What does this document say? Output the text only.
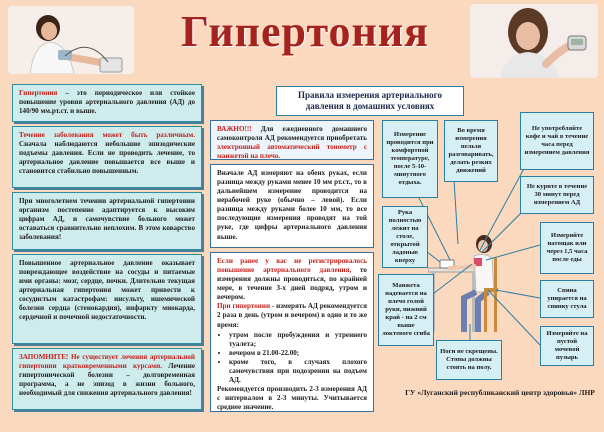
Гипертония
Гипертония – это периодическое или стойкое повышение уровня артериального давления (АД) до 140/90 мм.рт.ст. и выше.
Течение заболевания может быть различным. Сначала наблюдаются небольшие эпизодические подъемы давления. Если не проводить лечение, то артериальное давление повышается все выше и становится стабильно повышенным.
При многолетнем течении артериальной гипертонии организм постепенно адаптируется к высоким цифрам АД, и самочувствие больного может оставаться сравнительно неплохим. В этом коварство заболевания!
Повышенное артериальное давление оказывает повреждающее воздействие на сосуды и питаемые ими органы: мозг, сердце, почки. Длительно текущая артериальная гипертония может привести к сосудистым катастрофам: инсульту, ишемической болезни сердца (стенокардия), инфаркту миокарда, сердечной и почечной недостаточности.
ЗАПОМНИТЕ! Не существует лечения артериальной гипертонии кратковременными курсами. Лечение гипертонической болезни – долговременная программа, а не эпизод в жизни больного, необходимый для снижения артериального давления!
Правила измерения артериального давления в домашних условиях
ВАЖНО!!! Для ежедневного домашнего самоконтроля АД рекомендуется приобретать электронный автоматический тонометр с манжетой на плечо.
Вначале АД измеряют на обеих руках, если разница между руками менее 10 мм рт.ст., то в дальнейшем измерение проводится на нерабочей руке (обычно – левой). Если разница между руками более 10 мм, то все последующие измерения проводят на той руке, где цифры артериального давления выше.
Если ранее у вас не регистрировалось повышение артериального давления, то измерения должны проводиться, по крайней мере, в течение 3-х дней подряд, утром и вечером.
При гипертонии - измерять АД рекомендуется 2 раза в день (утром и вечером) в одно и то же время:
• утром после пробуждения и утреннего туалета;
• вечером в 21.00-22.00;
• кроме того, в случаях плохого самочувствия при подозрении на подъем АД.
Рекомендуется производить 2-3 измерения АД с интервалом в 2-3 минуты. Учитывается среднее значение.
Измерение проводится при комфортной температуре, после 5-10-минутного отдыха.
Во время измерения нельзя разговаривать, делать резких движений
Не употребляйте кофе и чай в течение часа перед измерением давления
Не курите в течение 30 минут перед измерением АД
Рука полностью лежит на столе, открытой ладонью кверху
Измеряйте натощак или через 1,5 часа после еды
Манжета надевается на плечо голой руки, нижний край - на 2 см выше локтевого сгиба
Спина упирается на спинку стула
Ноги не скрещены. Стопы должны стоять на полу.
Измеряйте на пустой мочевой пузырь
ГУ «Луганский республиканский центр здоровья» ЛНР
